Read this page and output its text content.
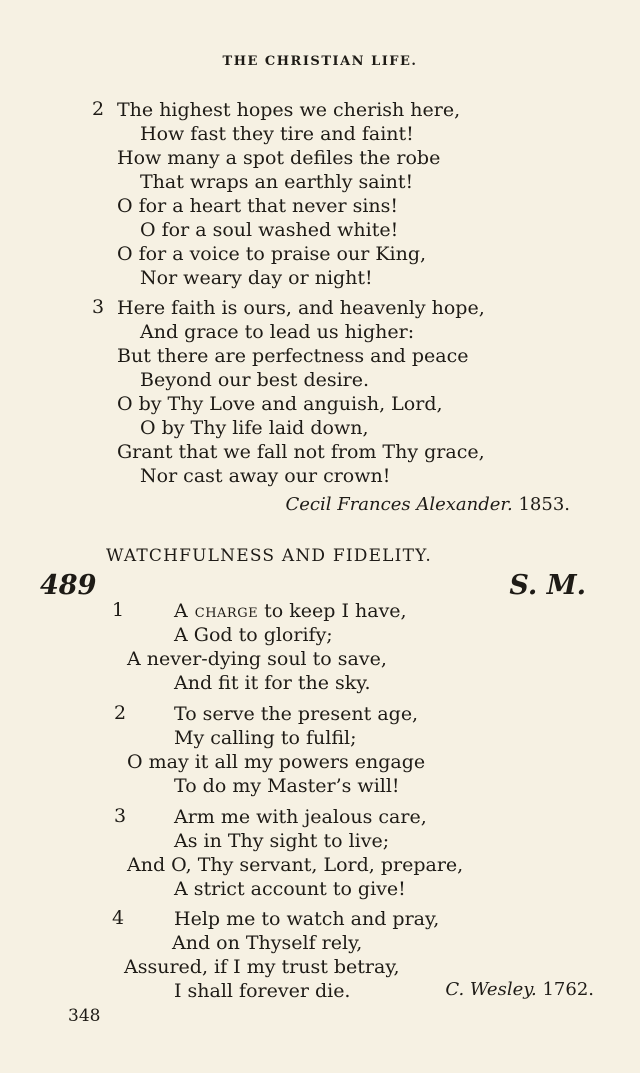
THE CHRISTIAN LIFE.
2 The highest hopes we cherish here,
How fast they tire and faint!
How many a spot defiles the robe
That wraps an earthly saint!
O for a heart that never sins!
O for a soul washed white!
O for a voice to praise our King,
Nor weary day or night!
3 Here faith is ours, and heavenly hope,
And grace to lead us higher:
But there are perfectness and peace
Beyond our best desire.
O by Thy Love and anguish, Lord,
O by Thy life laid down,
Grant that we fall not from Thy grace,
Nor cast away our crown!
Cecil Frances Alexander. 1853.
WATCHFULNESS AND FIDELITY.
489	S. M.
1	A charge to keep I have,
A God to glorify;
A never-dying soul to save,
And fit it for the sky.
2	To serve the present age,
My calling to fulfil;
O may it all my powers engage
To do my Master’s will!
3	Arm me with jealous care,
As in Thy sight to live;
And O, Thy servant, Lord, prepare,
A strict account to give!
4	Help me to watch and pray,
And on Thyself rely,
Assured, if I my trust betray,
I shall forever die.	C. Wesley. 1762.
348
